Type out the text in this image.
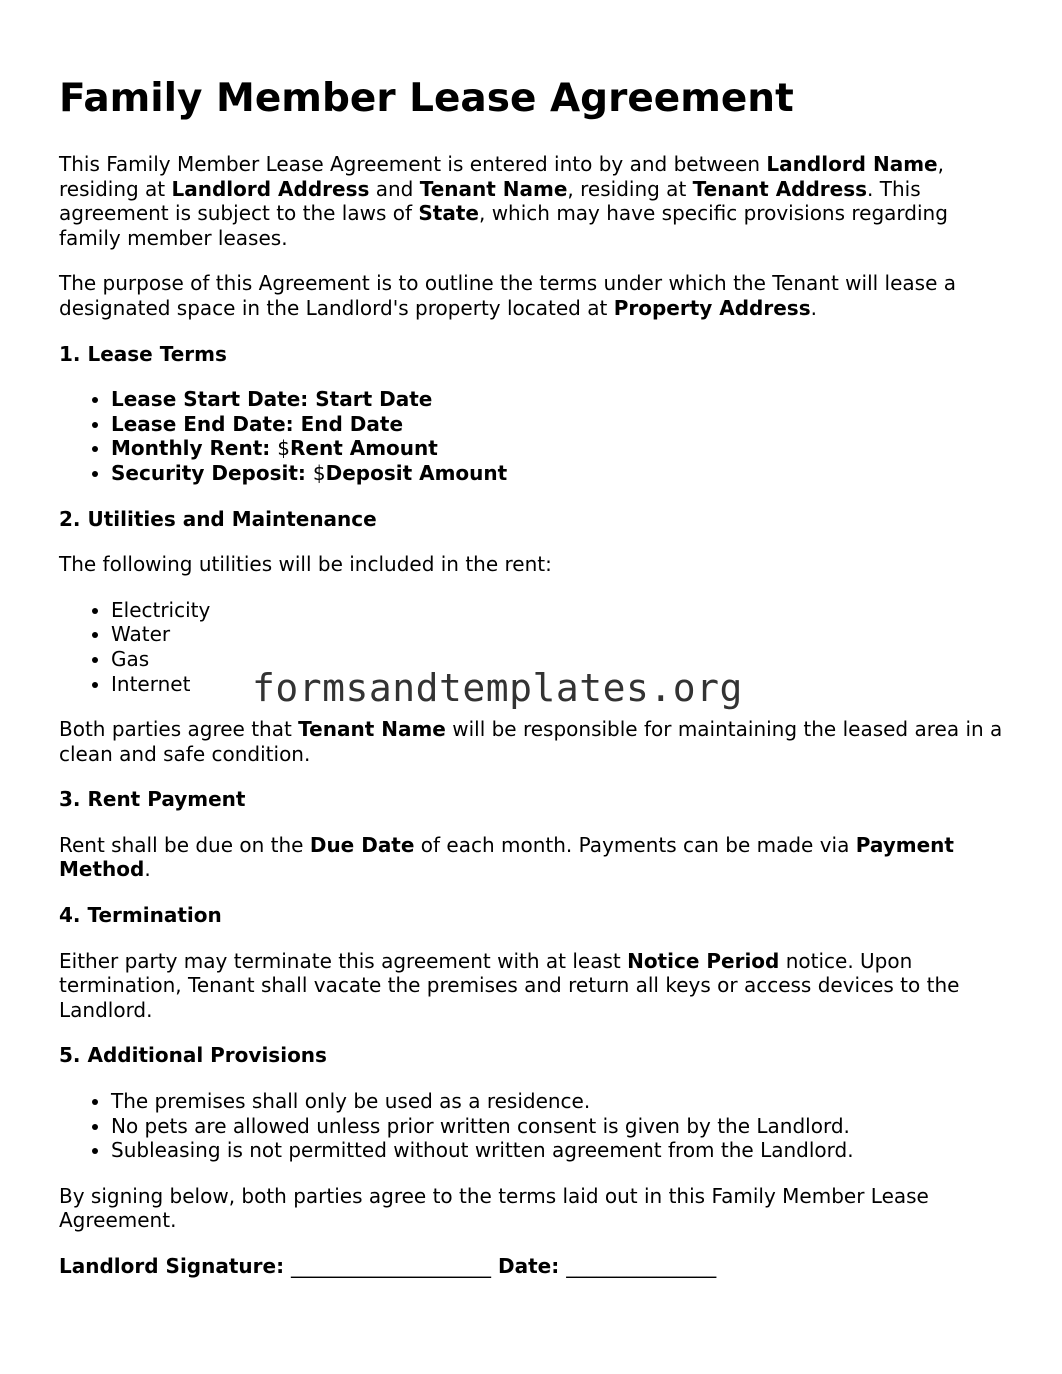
Family Member Lease Agreement

This Family Member Lease Agreement is entered into by and between Landlord Name, residing at Landlord Address and Tenant Name, residing at Tenant Address. This agreement is subject to the laws of State, which may have specific provisions regarding family member leases.

The purpose of this Agreement is to outline the terms under which the Tenant will lease a designated space in the Landlord's property located at Property Address.

1. Lease Terms
• Lease Start Date: Start Date
• Lease End Date: End Date
• Monthly Rent: $Rent Amount
• Security Deposit: $Deposit Amount
2. Utilities and Maintenance

The following utilities will be included in the rent:

• Electricity
• Water
• Gas
• Internet

Both parties agree that Tenant Name will be responsible for maintaining the leased area in a clean and safe condition.

3. Rent Payment

Rent shall be due on the Due Date of each month. Payments can be made via Payment Method.

4. Termination

Either party may terminate this agreement with at least Notice Period notice. Upon termination, Tenant shall vacate the premises and return all keys or access devices to the Landlord.

5. Additional Provisions
• The premises shall only be used as a residence.
• No pets are allowed unless prior written consent is given by the Landlord.
• Subleasing is not permitted without written agreement from the Landlord.

By signing below, both parties agree to the terms laid out in this Family Member Lease Agreement.

Landlord Signature: ____________________ Date: _______________

formsandtemplates.org
